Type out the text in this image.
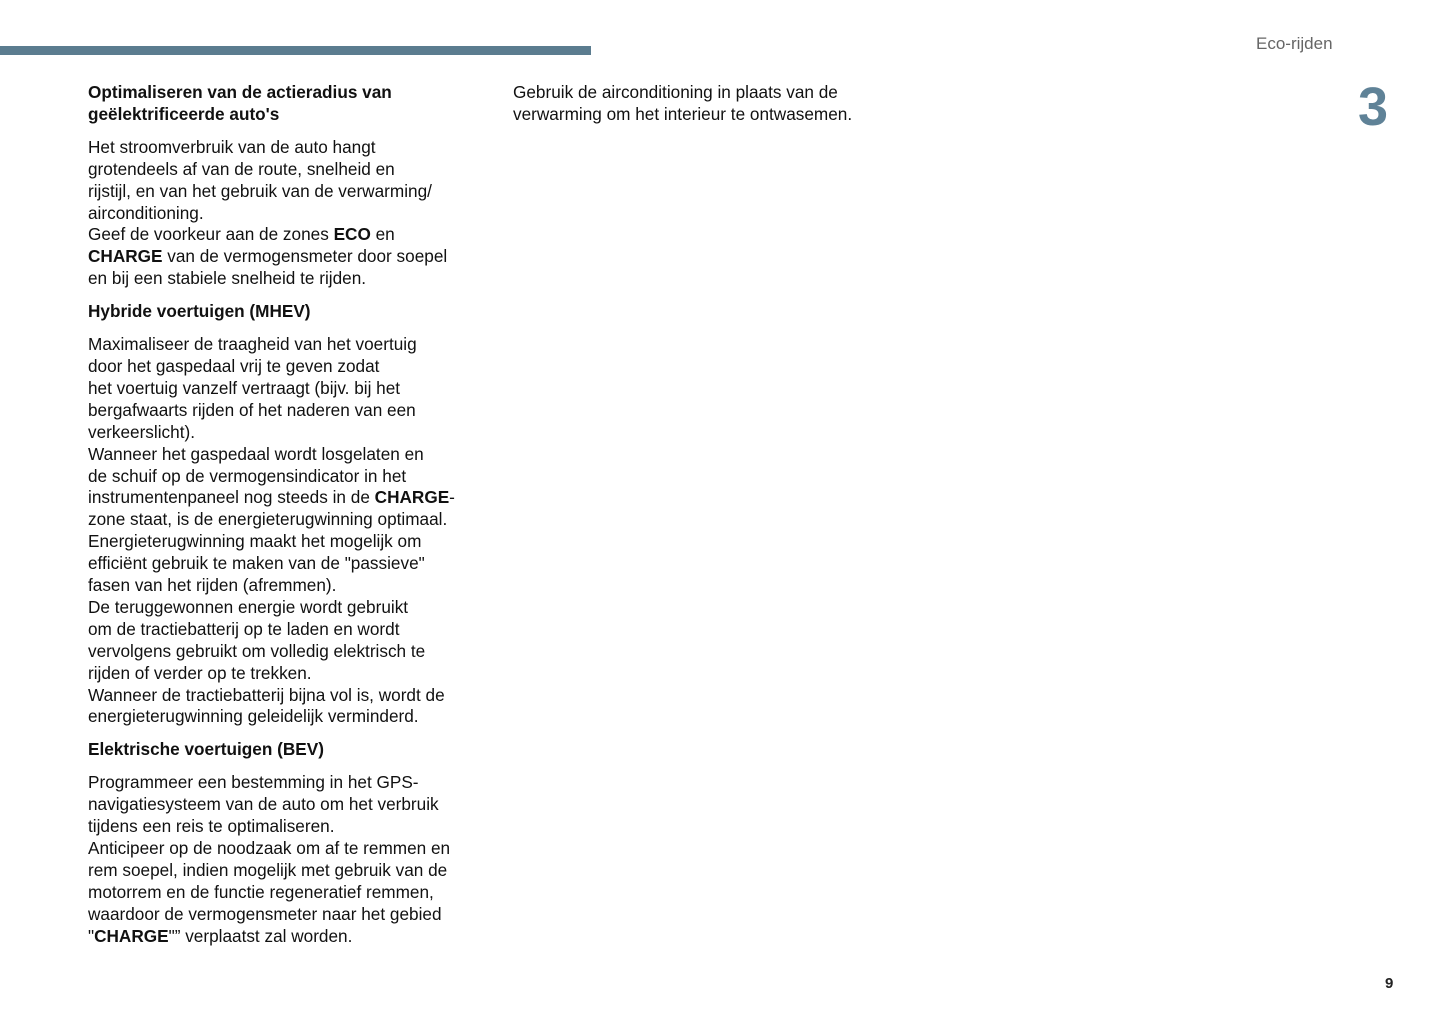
Eco-rijden
3
Optimaliseren van de actieradius van
geëlektrificeerde auto's
Het stroomverbruik van de auto hangt
grotendeels af van de route, snelheid en
rijstijl, en van het gebruik van de verwarming/
airconditioning.
Geef de voorkeur aan de zones ECO en
CHARGE van de vermogensmeter door soepel
en bij een stabiele snelheid te rijden.
Hybride voertuigen (MHEV)
Maximaliseer de traagheid van het voertuig
door het gaspedaal vrij te geven zodat
het voertuig vanzelf vertraagt (bijv. bij het
bergafwaarts rijden of het naderen van een
verkeerslicht).
Wanneer het gaspedaal wordt losgelaten en
de schuif op de vermogensindicator in het
instrumentenpaneel nog steeds in de CHARGE-
zone staat, is de energieterugwinning optimaal.
Energieterugwinning maakt het mogelijk om
efficiënt gebruik te maken van de "passieve"
fasen van het rijden (afremmen).
De teruggewonnen energie wordt gebruikt
om de tractiebatterij op te laden en wordt
vervolgens gebruikt om volledig elektrisch te
rijden of verder op te trekken.
Wanneer de tractiebatterij bijna vol is, wordt de
energieterugwinning geleidelijk verminderd.
Elektrische voertuigen (BEV)
Programmeer een bestemming in het GPS-
navigatiesysteem van de auto om het verbruik
tijdens een reis te optimaliseren.
Anticipeer op de noodzaak om af te remmen en
rem soepel, indien mogelijk met gebruik van de
motorrem en de functie regeneratief remmen,
waardoor de vermogensmeter naar het gebied
"CHARGE"” verplaatst zal worden.
Gebruik de airconditioning in plaats van de
verwarming om het interieur te ontwasemen.
9
